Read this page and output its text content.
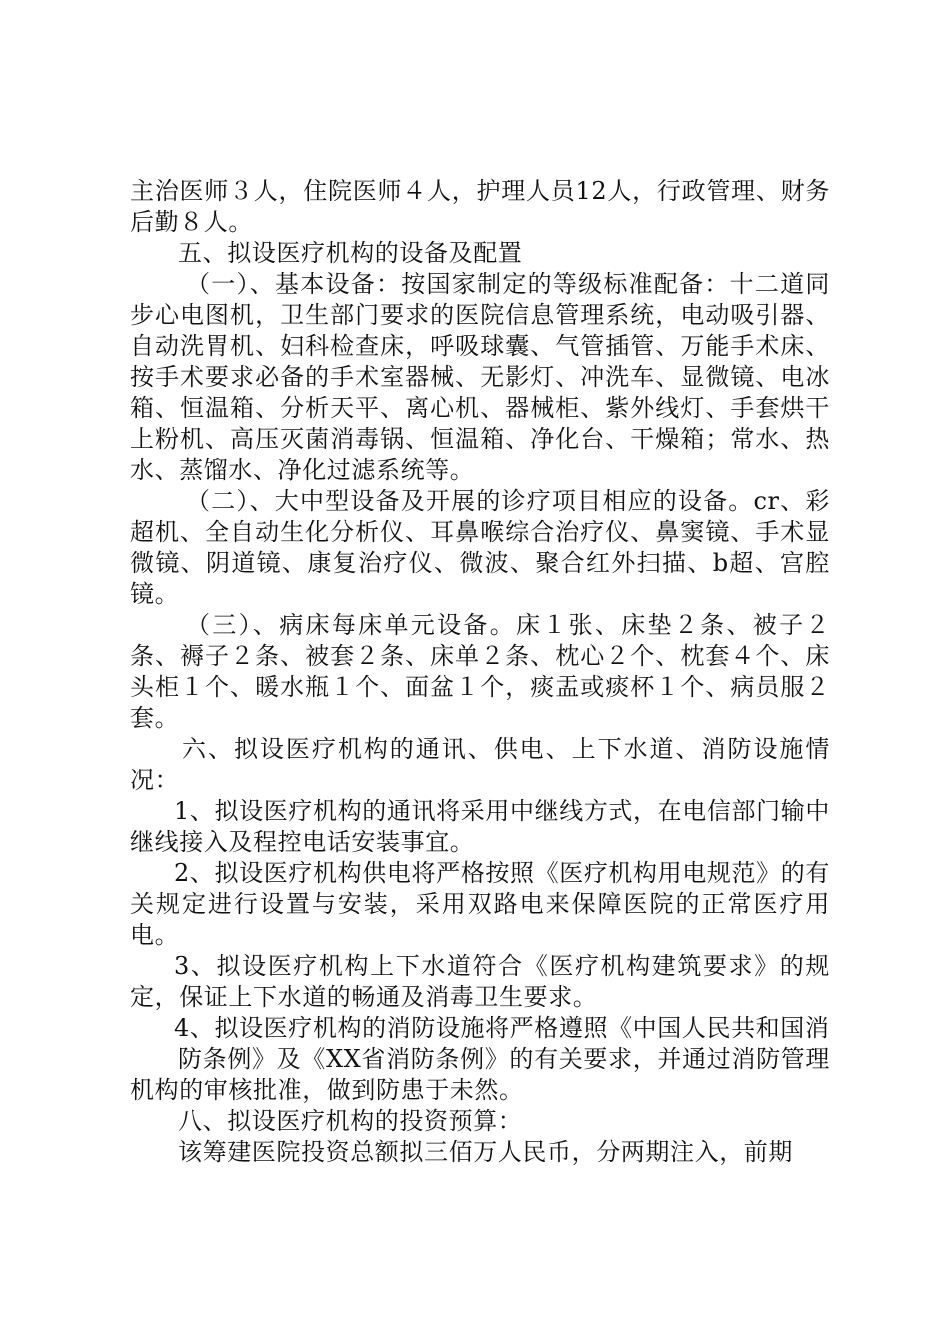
主治医师３人，住院医师４人，护理人员12人，行政管理、财务后勤８人。

五、拟设医疗机构的设备及配置

（一）、基本设备：按国家制定的等级标准配备：十二道同步心电图机，卫生部门要求的医院信息管理系统，电动吸引器、自动洗胃机、妇科检查床，呼吸球囊、气管插管、万能手术床、按手术要求必备的手术室器械、无影灯、冲洗车、显微镜、电冰箱、恒温箱、分析天平、离心机、器械柜、紫外线灯、手套烘干上粉机、高压灭菌消毒锅、恒温箱、净化台、干燥箱；常水、热水、蒸馏水、净化过滤系统等。

（二）、大中型设备及开展的诊疗项目相应的设备。cr、彩超机、全自动生化分析仪、耳鼻喉综合治疗仪、鼻窦镜、手术显微镜、阴道镜、康复治疗仪、微波、聚合红外扫描、b超、宫腔镜。

（三）、病床每床单元设备。床１张、床垫２条、被子２条、褥子２条、被套２条、床单２条、枕心２个、枕套４个、床头柜１个、暖水瓶１个、面盆１个，痰盂或痰杯１个、病员服２套。

六、拟设医疗机构的通讯、供电、上下水道、消防设施情况：

1、拟设医疗机构的通讯将采用中继线方式，在电信部门输中继线接入及程控电话安装事宜。

2、拟设医疗机构供电将严格按照《医疗机构用电规范》的有关规定进行设置与安装，采用双路电来保障医院的正常医疗用电。

3、拟设医疗机构上下水道符合《医疗机构建筑要求》的规定，保证上下水道的畅通及消毒卫生要求。

4、拟设医疗机构的消防设施将严格遵照《中国人民共和国消

防条例》及《XX省消防条例》的有关要求，并通过消防管理机构的审核批准，做到防患于未然。

八、拟设医疗机构的投资预算：

该筹建医院投资总额拟三佰万人民币，分两期注入，前期
